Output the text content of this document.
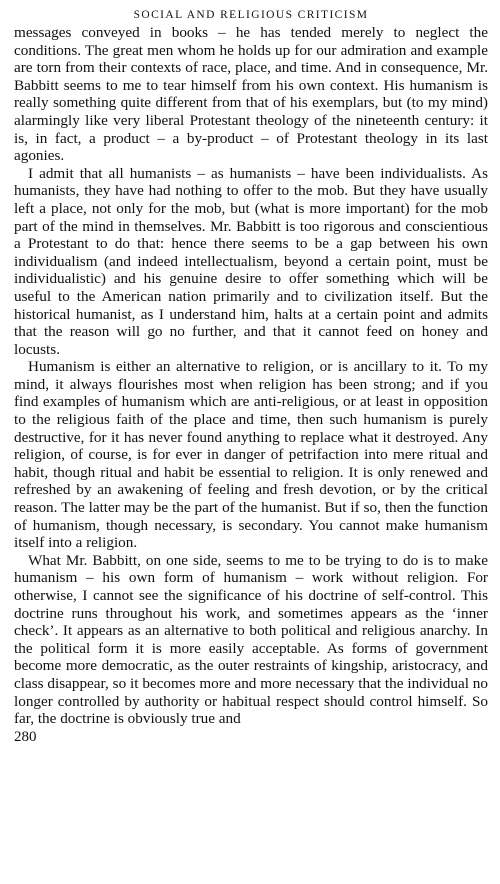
SOCIAL AND RELIGIOUS CRITICISM

messages conveyed in books – he has tended merely to neglect the conditions. The great men whom he holds up for our admiration and example are torn from their contexts of race, place, and time. And in consequence, Mr. Babbitt seems to me to tear himself from his own context. His humanism is really something quite different from that of his exemplars, but (to my mind) alarmingly like very liberal Protestant theology of the nineteenth century: it is, in fact, a product – a by-product – of Protestant theology in its last agonies.

I admit that all humanists – as humanists – have been individualists. As humanists, they have had nothing to offer to the mob. But they have usually left a place, not only for the mob, but (what is more important) for the mob part of the mind in themselves. Mr. Babbitt is too rigorous and conscientious a Protestant to do that: hence there seems to be a gap between his own individualism (and indeed intellectualism, beyond a certain point, must be individualistic) and his genuine desire to offer something which will be useful to the American nation primarily and to civilization itself. But the historical humanist, as I understand him, halts at a certain point and admits that the reason will go no further, and that it cannot feed on honey and locusts.

Humanism is either an alternative to religion, or is ancillary to it. To my mind, it always flourishes most when religion has been strong; and if you find examples of humanism which are anti-religious, or at least in opposition to the religious faith of the place and time, then such humanism is purely destructive, for it has never found anything to replace what it destroyed. Any religion, of course, is for ever in danger of petrifaction into mere ritual and habit, though ritual and habit be essential to religion. It is only renewed and refreshed by an awakening of feeling and fresh devotion, or by the critical reason. The latter may be the part of the humanist. But if so, then the function of humanism, though necessary, is secondary. You cannot make humanism itself into a religion.

What Mr. Babbitt, on one side, seems to me to be trying to do is to make humanism – his own form of humanism – work without religion. For otherwise, I cannot see the significance of his doctrine of self-control. This doctrine runs throughout his work, and sometimes appears as the ‘inner check’. It appears as an alternative to both political and religious anarchy. In the political form it is more easily acceptable. As forms of government become more democratic, as the outer restraints of kingship, aristocracy, and class disappear, so it becomes more and more necessary that the individual no longer controlled by authority or habitual respect should control himself. So far, the doctrine is obviously true and

280
